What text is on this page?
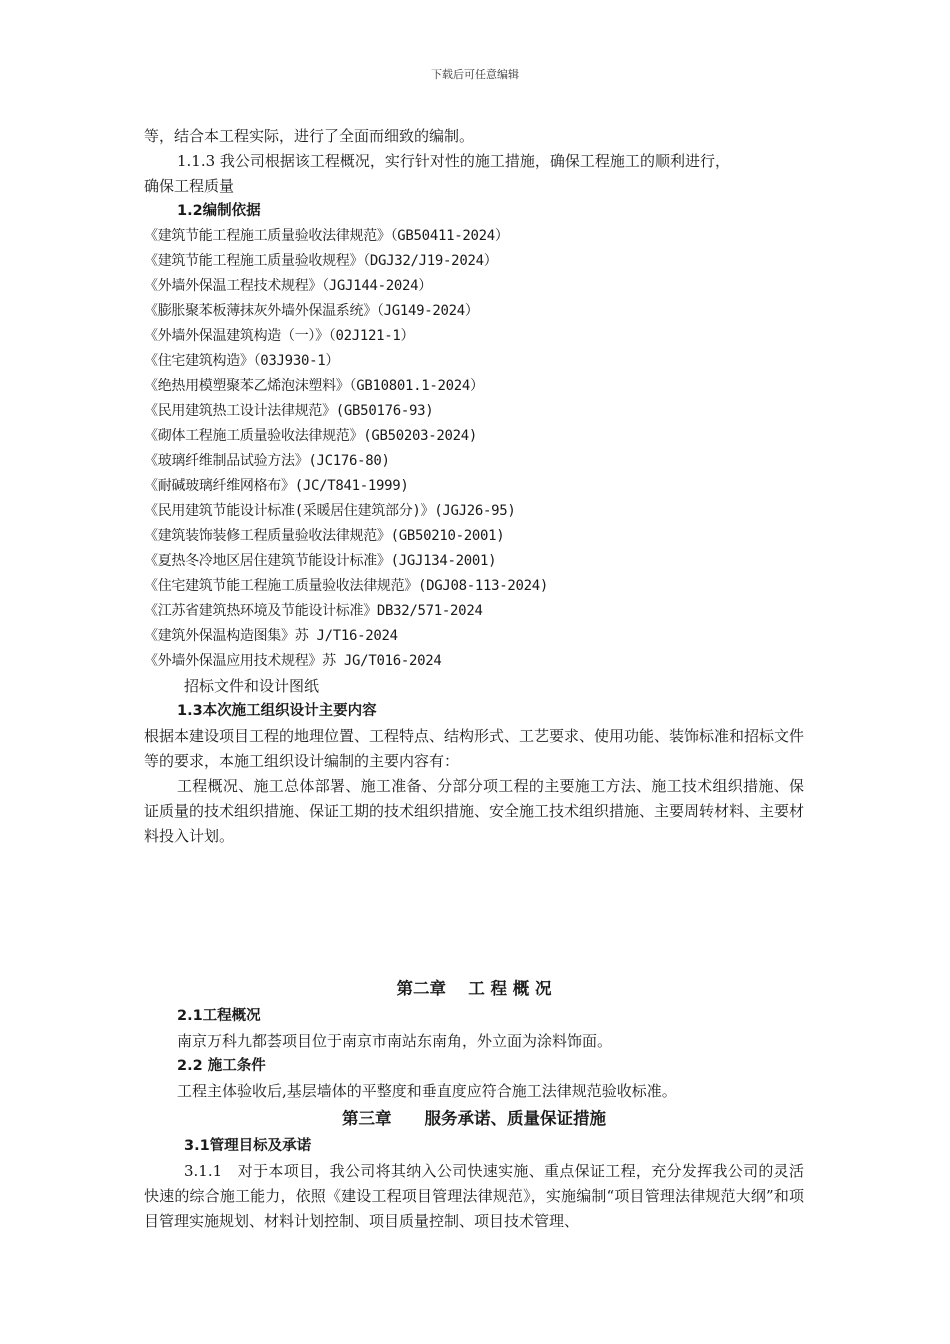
下载后可任意编辑
等，结合本工程实际，进行了全面而细致的编制。
1.1.3 我公司根据该工程概况，实行针对性的施工措施，确保工程施工的顺利进行，
确保工程质量
1.2编制依据
《建筑节能工程施工质量验收法律规范》（GB50411-2024）
《建筑节能工程施工质量验收规程》（DGJ32/J19-2024）
《外墙外保温工程技术规程》（JGJ144-2024）
《膨胀聚苯板薄抹灰外墙外保温系统》（JG149-2024）
《外墙外保温建筑构造（一）》（02J121-1）
《住宅建筑构造》（03J930-1）
《绝热用模塑聚苯乙烯泡沫塑料》（GB10801.1-2024）
《民用建筑热工设计法律规范》(GB50176-93)
《砌体工程施工质量验收法律规范》(GB50203-2024)
《玻璃纤维制品试验方法》(JC176-80)
《耐碱玻璃纤维网格布》(JC/T841-1999)
《民用建筑节能设计标准(采暖居住建筑部分)》(JGJ26-95)
《建筑装饰装修工程质量验收法律规范》(GB50210-2001)
《夏热冬冷地区居住建筑节能设计标准》(JGJ134-2001)
《住宅建筑节能工程施工质量验收法律规范》(DGJ08-113-2024)
《江苏省建筑热环境及节能设计标准》DB32/571-2024
《建筑外保温构造图集》苏 J/T16-2024
《外墙外保温应用技术规程》苏 JG/T016-2024
招标文件和设计图纸
1.3本次施工组织设计主要内容
根据本建设项目工程的地理位置、工程特点、结构形式、工艺要求、使用功能、装饰标准和招标文件等的要求，本施工组织设计编制的主要内容有：
工程概况、施工总体部署、施工准备、分部分项工程的主要施工方法、施工技术组织措施、保证质量的技术组织措施、保证工期的技术组织措施、安全施工技术组织措施、主要周转材料、主要材料投入计划。
第二章　 工 程 概 况
2.1工程概况
南京万科九都荟项目位于南京市南站东南角，外立面为涂料饰面。
2.2 施工条件
工程主体验收后,基层墙体的平整度和垂直度应符合施工法律规范验收标准。
第三章　　服务承诺、质量保证措施
3.1管理目标及承诺
3.1.1　对于本项目，我公司将其纳入公司快速实施、重点保证工程，充分发挥我公司的灵活快速的综合施工能力，依照《建设工程项目管理法律规范》，实施编制“项目管理法律规范大纲”和项目管理实施规划、材料计划控制、项目质量控制、项目技术管理、
